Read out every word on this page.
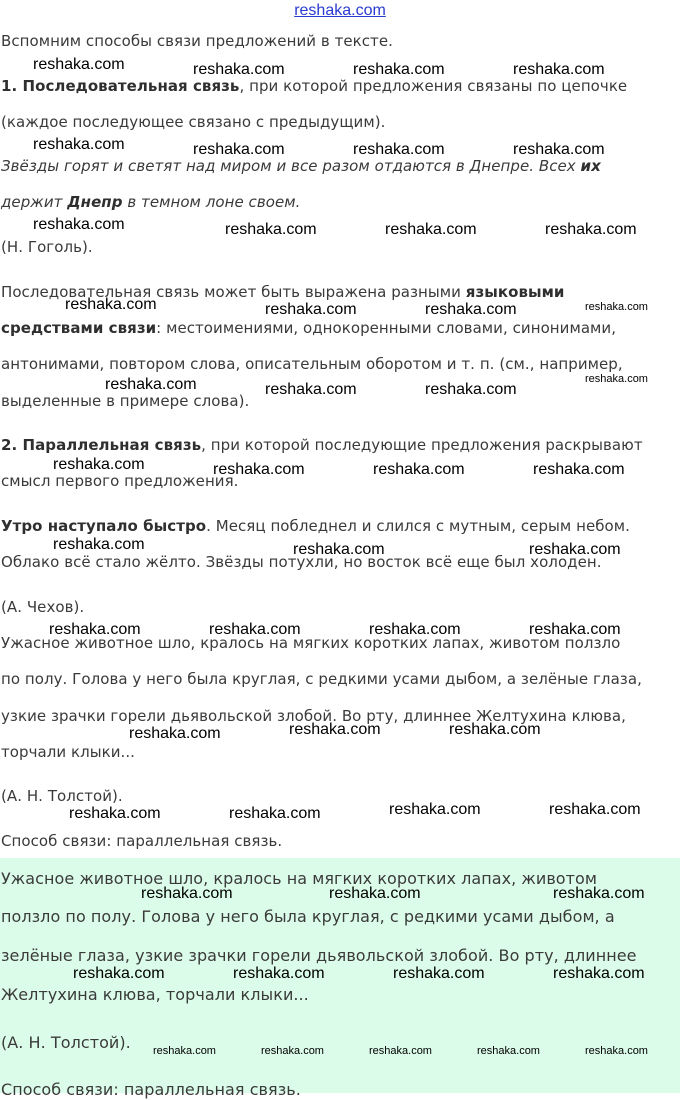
reshaka.com
Вспомним способы связи предложений в тексте.
1. Последовательная связь, при которой предложения связаны по цепочке
(каждое последующее связано с предыдущим).
Звёзды горят и светят над миром и все разом отдаются в Днепре. Всех их
держит Днепр в темном лоне своем.
(Н. Гоголь).
Последовательная связь может быть выражена разными языковыми
средствами связи: местоимениями, однокоренными словами, синонимами,
антонимами, повтором слова, описательным оборотом и т. п. (см., например,
выделенные в примере слова).
2. Параллельная связь, при которой последующие предложения раскрывают
смысл первого предложения.
Утро наступало быстро. Месяц побледнел и слился с мутным, серым небом.
Облако всё стало жёлто. Звёзды потухли, но восток всё еще был холоден.
(А. Чехов).
Ужасное животное шло, кралось на мягких коротких лапах, животом ползло
по полу. Голова у него была круглая, с редкими усами дыбом, а зелёные глаза,
узкие зрачки горели дьявольской злобой. Во рту, длиннее Желтухина клюва,
торчали клыки...
(А. Н. Толстой).
Способ связи: параллельная связь.
Ужасное животное шло, кралось на мягких коротких лапах, животом
ползло по полу. Голова у него была круглая, с редкими усами дыбом, а
зелёные глаза, узкие зрачки горели дьявольской злобой. Во рту, длиннее
Желтухина клюва, торчали клыки...
(А. Н. Толстой).
Способ связи: параллельная связь.
reshaka.com	reshaka.com	reshaka.com	reshaka.com
reshaka.com	reshaka.com	reshaka.com	reshaka.com
reshaka.com	reshaka.com	reshaka.com	reshaka.com
reshaka.com	reshaka.com	reshaka.com	reshaka.com
reshaka.com	reshaka.com	reshaka.com
reshaka.com
reshaka.com	reshaka.com	reshaka.com	reshaka.com
reshaka.com	reshaka.com	reshaka.com
reshaka.com	reshaka.com	reshaka.com	reshaka.com
reshaka.com	reshaka.com	reshaka.com
reshaka.com	reshaka.com	reshaka.com	reshaka.com
reshaka.com	reshaka.com	reshaka.com
reshaka.com	reshaka.com	reshaka.com	reshaka.com
reshaka.com	reshaka.com	reshaka.com	reshaka.com	reshaka.com
